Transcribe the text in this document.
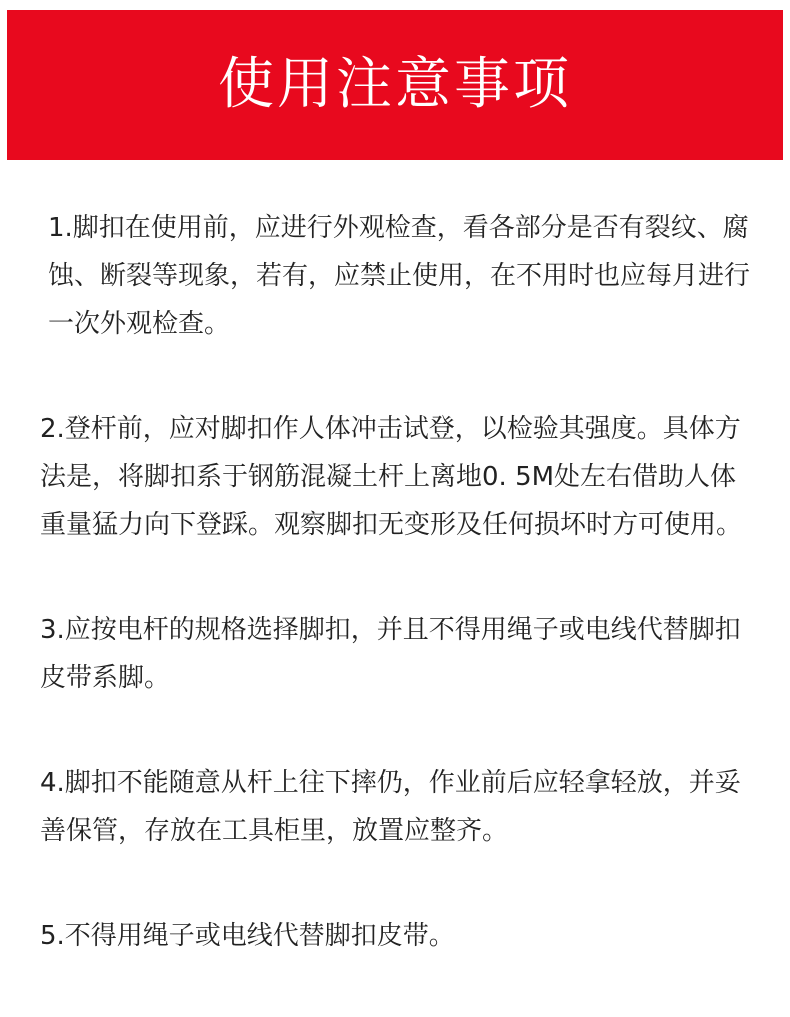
使用注意事项

1.脚扣在使用前，应进行外观检查，看各部分是否有裂纹、腐蚀、断裂等现象，若有，应禁止使用，在不用时也应每月进行一次外观检查。

2.登杆前，应对脚扣作人体冲击试登，以检验其强度。具体方法是，将脚扣系于钢筋混凝土杆上离地0. 5M处左右借助人体重量猛力向下登踩。观察脚扣无变形及任何损坏时方可使用。

3.应按电杆的规格选择脚扣，并且不得用绳子或电线代替脚扣皮带系脚。

4.脚扣不能随意从杆上往下摔仍，作业前后应轻拿轻放，并妥善保管，存放在工具柜里，放置应整齐。

5.不得用绳子或电线代替脚扣皮带。
